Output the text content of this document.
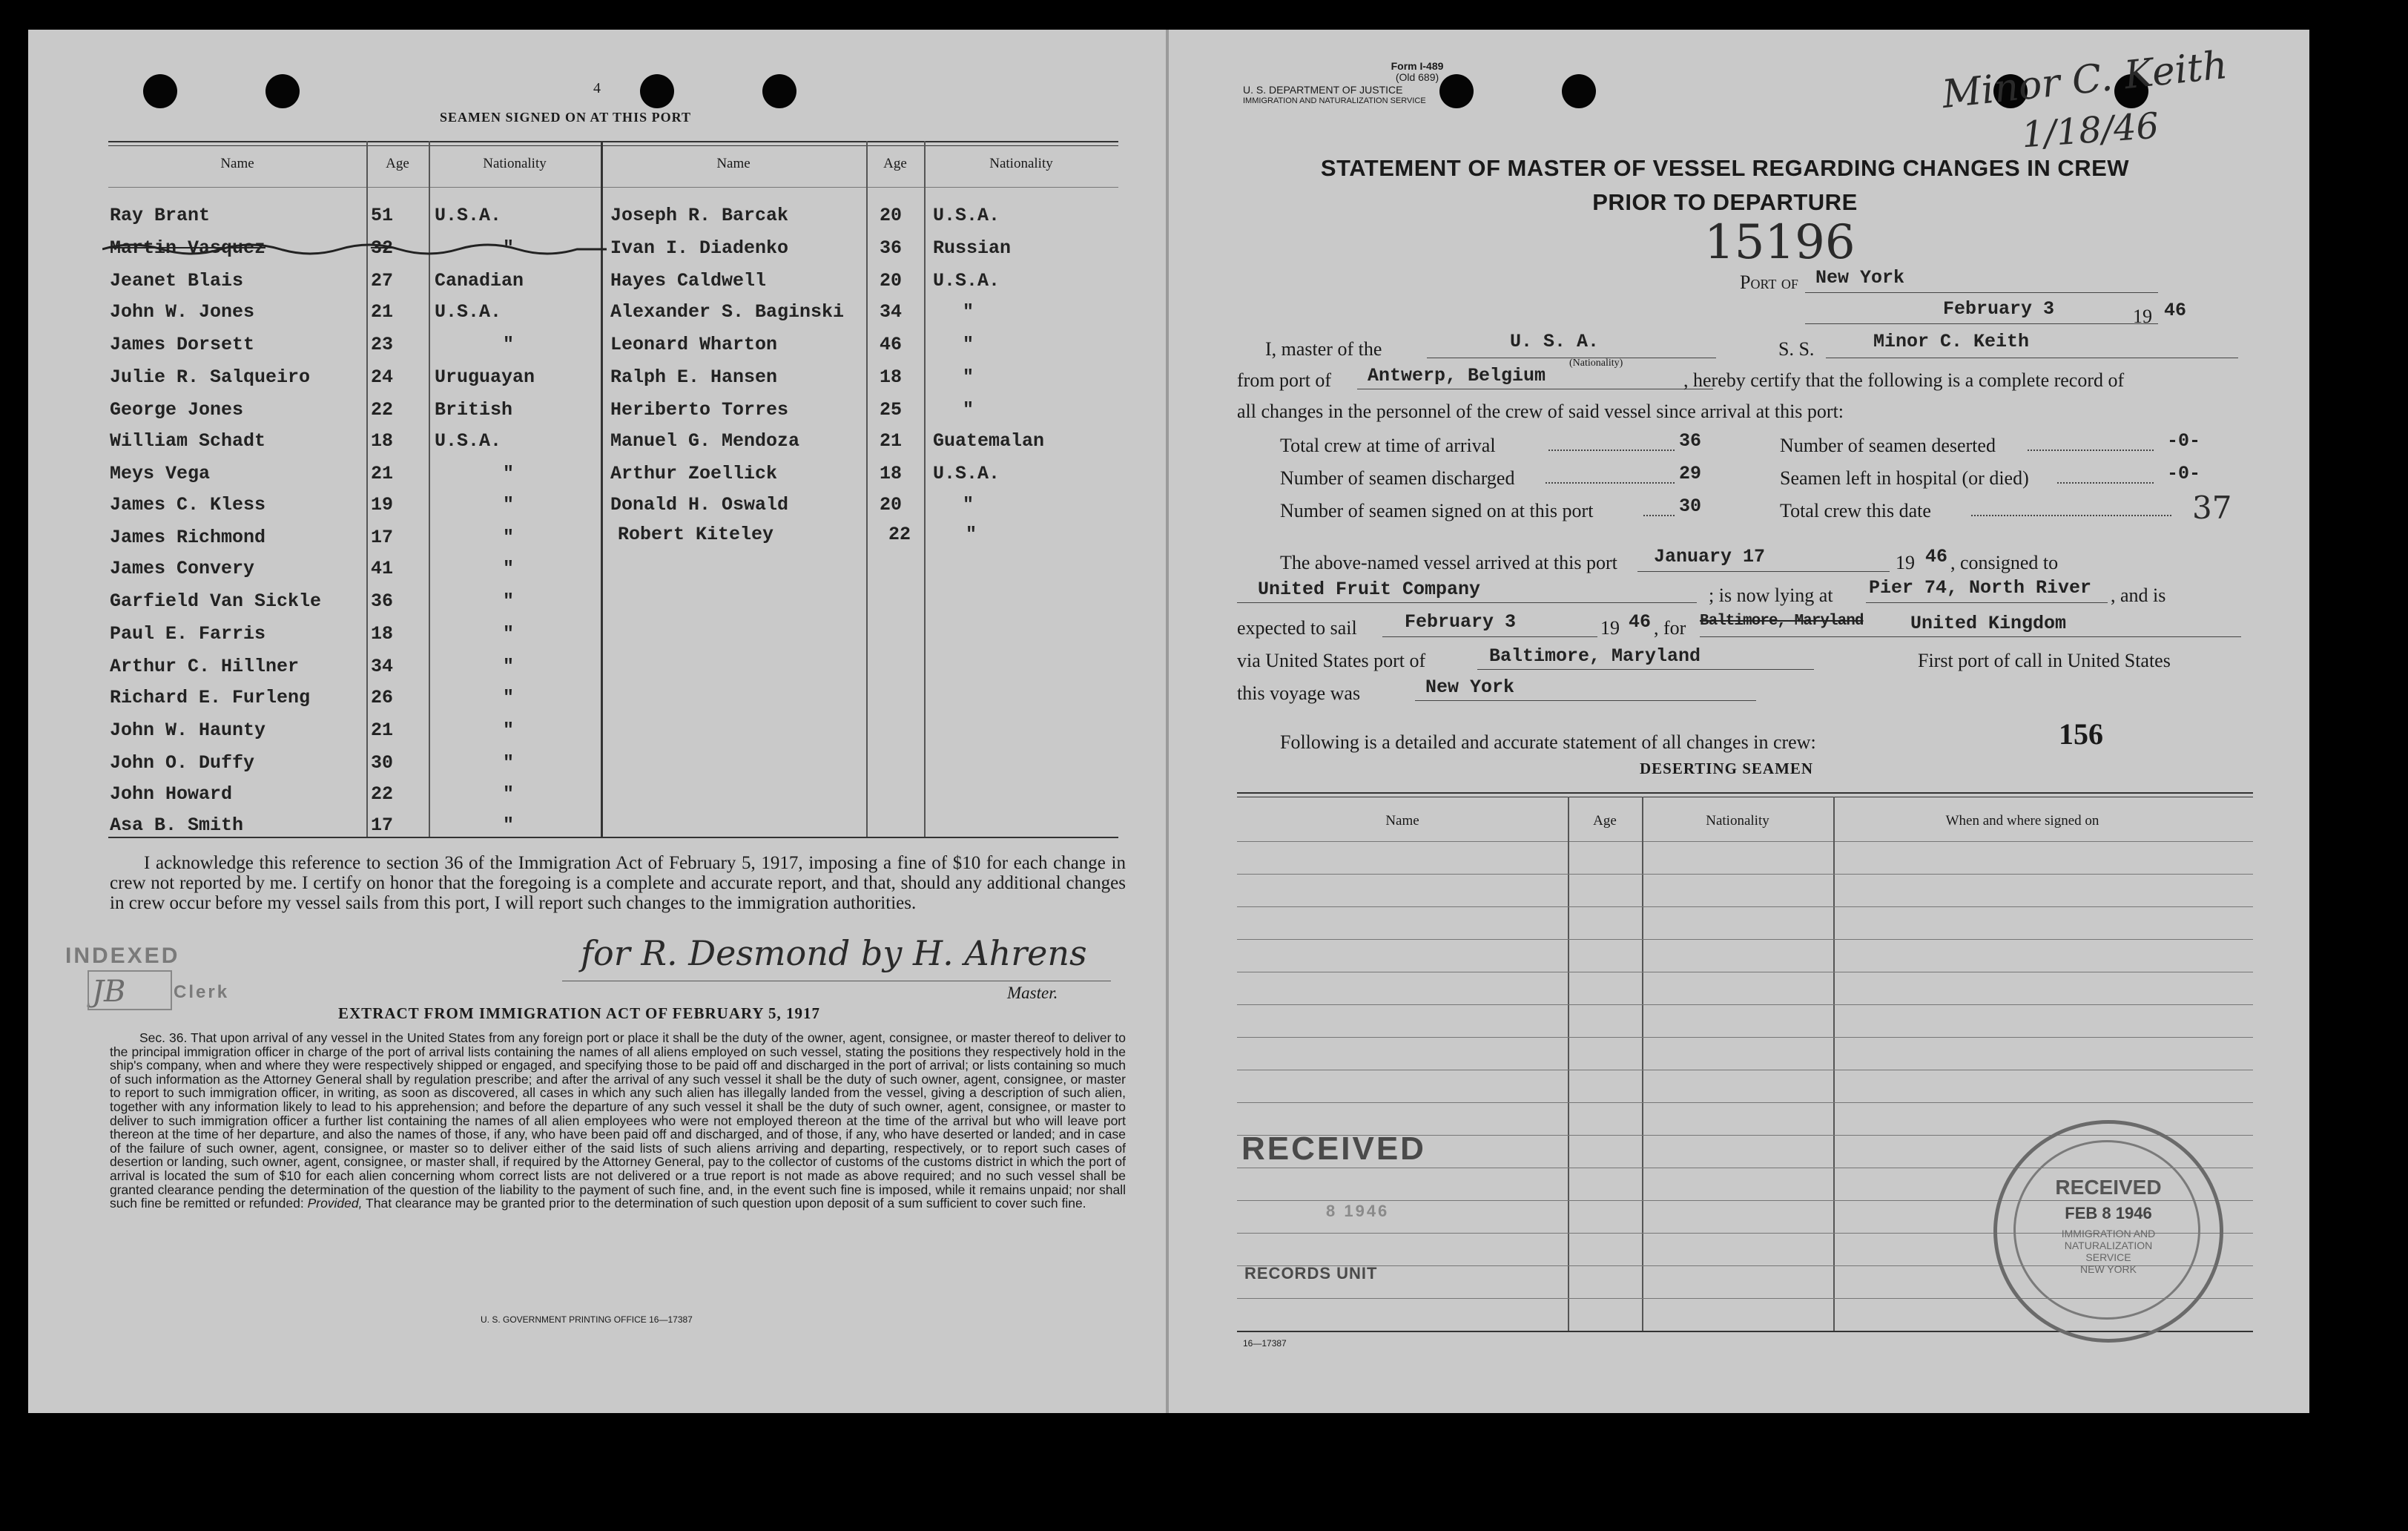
4
SEAMEN SIGNED ON AT THIS PORT
Name	Age	Nationality	Name	Age	Nationality
Ray Brant	51 U.S.A.
Martin Vasquez	32	"
Jeanet Blais	27 Canadian
John W. Jones	21 U.S.A.
James Dorsett	23	"
Julie R. Salqueiro	24 Uruguayan
George Jones	22 British
William Schadt	18 U.S.A.
Meys Vega	21	"
James C. Kless	19	"
James Richmond	17	"
James Convery	41	"
Garfield Van Sickle	36	"
Paul E. Farris	18	"
Arthur C. Hillner	34	"
Richard E. Furleng	26	"
John W. Haunty	21	"
John O. Duffy	30	"
John Howard	22	"
Asa B. Smith	17	"
Joseph R. Barcak	20 U.S.A.
Ivan I. Diadenko	36 Russian
Hayes Caldwell	20 U.S.A.
Alexander S. Baginski 34	"
Leonard Wharton	46	"
Ralph E. Hansen	18	"
Heriberto Torres	25	"
Manuel G. Mendoza	21 Guatemalan
Arthur Zoellick	18 U.S.A.
Donald H. Oswald	20	"
Robert Kiteley	22	"
I acknowledge this reference to section 36 of the Immigration Act of February 5, 1917, imposing a fine of $10 for each change in crew not reported by me. I certify on honor that the foregoing is a complete and accurate report, and that, should any additional changes in crew occur before my vessel sails from this port, I will report such changes to the immigration authorities.
INDEXED
JB	Clerk
for R. Desmond by H. Ahrens
Master.
EXTRACT FROM IMMIGRATION ACT OF FEBRUARY 5, 1917
Sec. 36. That upon arrival of any vessel in the United States from any foreign port or place it shall be the duty of the owner, agent, consignee, or master thereof to deliver to the principal immigration officer in charge of the port of arrival lists containing the names of all aliens employed on such vessel, stating the positions they respectively hold in the ship's company, when and where they were respectively shipped or engaged, and specifying those to be paid off and discharged in the port of arrival; or lists containing so much of such information as the Attorney General shall by regulation prescribe; and after the arrival of any such vessel it shall be the duty of such owner, agent, consignee, or master to report to such immigration officer, in writing, as soon as discovered, all cases in which any such alien has illegally landed from the vessel, giving a description of such alien, together with any information likely to lead to his apprehension; and before the departure of any such vessel it shall be the duty of such owner, agent, consignee, or master to deliver to such immigration officer a further list containing the names of all alien employees who were not employed thereon at the time of the arrival but who will leave port thereon at the time of her departure, and also the names of those, if any, who have been paid off and discharged, and of those, if any, who have deserted or landed; and in case of the failure of such owner, agent, consignee, or master so to deliver either of the said lists of such aliens arriving and departing, respectively, or to report such cases of desertion or landing, such owner, agent, consignee, or master shall, if required by the Attorney General, pay to the collector of customs of the customs district in which the port of arrival is located the sum of $10 for each alien concerning whom correct lists are not delivered or a true report is not made as above required; and no such vessel shall be granted clearance pending the determination of the question of the liability to the payment of such fine, and, in the event such fine is imposed, while it remains unpaid; nor shall such fine be remitted or refunded: Provided, That clearance may be granted prior to the determination of such question upon deposit of a sum sufficient to cover such fine.
U. S. GOVERNMENT PRINTING OFFICE 16—17387
Form I-489
(Old 689)
U. S. DEPARTMENT OF JUSTICE
IMMIGRATION AND NATURALIZATION SERVICE	Minor C. Keith
1/18/46
STATEMENT OF MASTER OF VESSEL REGARDING CHANGES IN CREW
PRIOR TO DEPARTURE
15196
Port of New York
February 3	19 46
I, master of the	U. S. A.
(Nationality)
S. S.	Minor C. Keith
from port of Antwerp, Belgium	, hereby certify that the following is a complete record of
all changes in the personnel of the crew of said vessel since arrival at this port:
Total crew at time of arrival	36
Number of seamen discharged	29
Number of seamen signed on at this port	30
Number of seamen deserted	-0-
Seamen left in hospital (or died)	-0-
Total crew this date	37
The above-named vessel arrived at this port January 17	19 46 , consigned to
United Fruit Company	; is now lying at Pier 74, North River , and is
expected to sail	February 3	19 46 , for Baltimore, Maryland	United Kingdom
via United States port of	Baltimore, Maryland	First port of call in United States
this voyage was	New York
Following is a detailed and accurate statement of all changes in crew:	156
DESERTING SEAMEN
Name	Age	Nationality	When and where signed on
RECEIVED
8 1946
RECORDS UNIT
RECEIVED
FEB 8 1946
IMMIGRATION AND
NATURALIZATION
SERVICE
NEW YORK
16—17387
